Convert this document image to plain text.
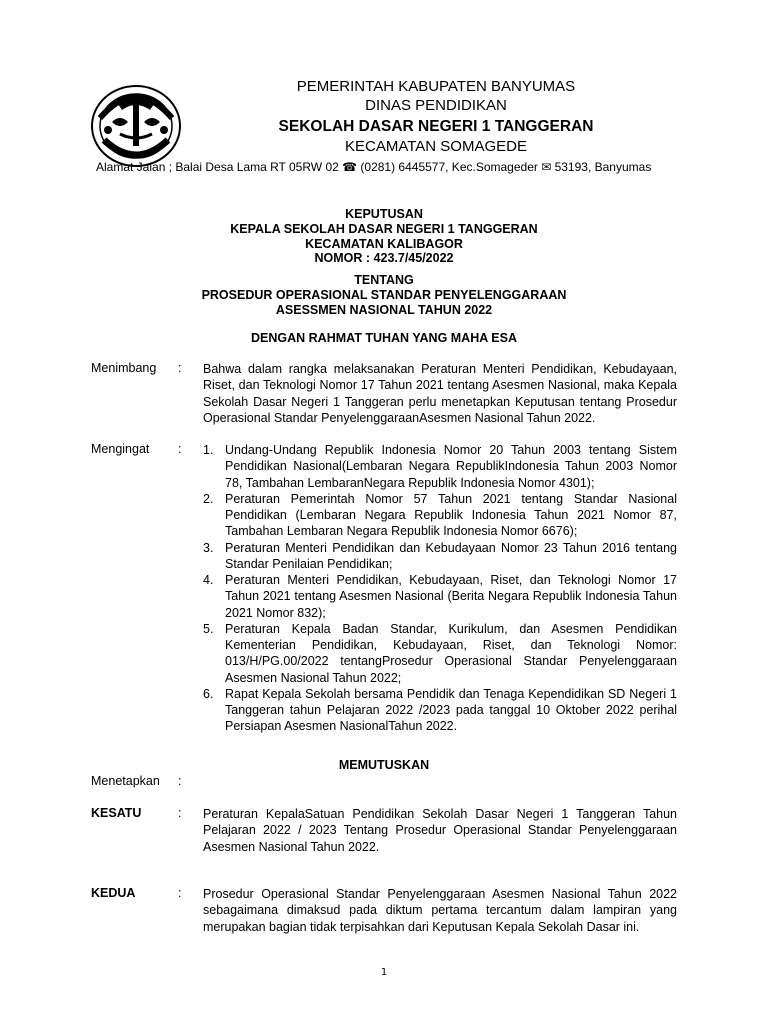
PEMERINTAH KABUPATEN BANYUMAS
DINAS PENDIDIKAN
SEKOLAH DASAR NEGERI 1 TANGGERAN
KECAMATAN SOMAGEDE
Alamat Jalan ; Balai Desa Lama RT 05RW 02 ☎ (0281) 6445577, Kec.Somageder ✉ 53193, Banyumas
KEPUTUSAN
KEPALA SEKOLAH DASAR NEGERI 1 TANGGERAN
KECAMATAN KALIBAGOR
NOMOR : 423.7/45/2022
TENTANG
PROSEDUR OPERASIONAL STANDAR PENYELENGGARAAN
ASESSMEN NASIONAL TAHUN 2022
DENGAN RAHMAT TUHAN YANG MAHA ESA
Menimbang : Bahwa dalam rangka melaksanakan Peraturan Menteri Pendidikan, Kebudayaan, Riset, dan Teknologi Nomor 17 Tahun 2021 tentang Asesmen Nasional, maka Kepala Sekolah Dasar Negeri 1 Tanggeran perlu menetapkan Keputusan tentang Prosedur Operasional Standar PenyelenggaraanAsesmen Nasional Tahun 2022.
Mengingat : 1. Undang-Undang Republik Indonesia Nomor 20 Tahun 2003 tentang Sistem Pendidikan Nasional(Lembaran Negara RepublikIndonesia Tahun 2003 Nomor 78, Tambahan LembaranNegara Republik Indonesia Nomor 4301);
2. Peraturan Pemerintah Nomor 57 Tahun 2021 tentang Standar Nasional Pendidikan (Lembaran Negara Republik Indonesia Tahun 2021 Nomor 87, Tambahan Lembaran Negara Republik Indonesia Nomor 6676);
3. Peraturan Menteri Pendidikan dan Kebudayaan Nomor 23 Tahun 2016 tentang Standar Penilaian Pendidikan;
4. Peraturan Menteri Pendidikan, Kebudayaan, Riset, dan Teknologi Nomor 17 Tahun 2021 tentang Asesmen Nasional (Berita Negara Republik Indonesia Tahun 2021 Nomor 832);
5. Peraturan Kepala Badan Standar, Kurikulum, dan Asesmen Pendidikan Kementerian Pendidikan, Kebudayaan, Riset, dan Teknologi Nomor: 013/H/PG.00/2022 tentangProsedur Operasional Standar Penyelenggaraan Asesmen Nasional Tahun 2022;
6. Rapat Kepala Sekolah bersama Pendidik dan Tenaga Kependidikan SD Negeri 1 Tanggeran tahun Pelajaran 2022 /2023 pada tanggal 10 Oktober 2022 perihal Persiapan Asesmen NasionalTahun 2022.
MEMUTUSKAN
Menetapkan :
KESATU	: Peraturan KepalaSatuan Pendidikan Sekolah Dasar Negeri 1 Tanggeran Tahun Pelajaran 2022 / 2023 Tentang Prosedur Operasional Standar Penyelenggaraan Asesmen Nasional Tahun 2022.
KEDUA	: Prosedur Operasional Standar Penyelenggaraan Asesmen Nasional Tahun 2022 sebagaimana dimaksud pada diktum pertama tercantum dalam lampiran yang merupakan bagian tidak terpisahkan dari Keputusan Kepala Sekolah Dasar ini.
1
